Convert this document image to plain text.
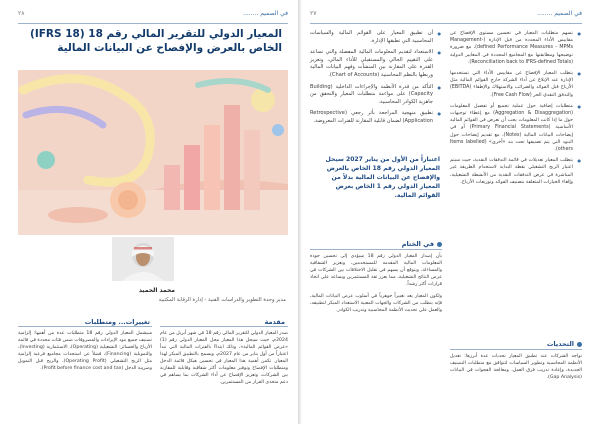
في الصميم ........
٢٨
المعيار الدولي للتقرير المالي رقم 18 (IFRS 18) الخاص بالعرض والإفصاح عن البيانات المالية
محمد الحميد
مدير وحدة التطوير والدراسات الفنية - إدارة الرقابة المكتبية
مقدمة

صدر المعيار الدولي للتقرير المالي رقم 18 في شهر أبريل من عام 2024م، حيث سيحل هذا المعيار محل المعيار الدولي رقم (1) «عرض القوائم المالية»، وذلك ابتداءً بالفترات المالية التي تبدأ اعتباراً من أول يناير من عام 2027م، ويسمح بالتطبيق المبكر لهذا المعيار. تكمن أهمية هذا المعيار في تحسين هيكل قائمة الدخل ومتطلبات الإفصاح وتوفير معلومات أكثر شفافية وقابلية للمقارنة بين الشركات، وتعزيز الإفصاح عن أداء الشركات بما يساهم في دعم متخذي القرار من المستثمرين.

تغييرات... ومتطلبات

سيشمل المعيار الدولي رقم 18 متطلبات عدة من أهمها: إلزامية تصنيف جميع بنود الإيرادات والمصروفات ضمن فئات محددة في قائمة الأرباح والخسائر: التشغيلية (Operating)، الاستثمارية (Investing)، والتمويلية (Financing)، فضلاً عن استحداث مجاميع فرعية إلزامية مثل الربح التشغيلي (Operating Profit)، والربح قبل التمويل وضريبة الدخل (Profit before finance cost and tax).

في الصميم ........
٢٧
● أن تطبيق المعيار على القوائم المالية والسياسات المحاسبية التي تطبقها الإدارة.
● الاستعداد لتقديم المعلومات المالية المفصلة والتي تساعد على التقييم الحالي والمستقبلي للأداء المالي، وتعزيز القدرة على المقارنة بين المنشآت وفهم البيانات المالية وربطها بالنظم المحاسبية (Chart of Accounts).
● التأكد من قدرة الأنظمة والإجراءات الداخلية (Building Capacity) على مواءمة متطلبات المعيار والتحقق من جاهزية الكوادر المحاسبية.
● تطبيق منهجية المراجعة بأثر رجعي (Retrospective Application) لضمان قابلية المقارنة للفترات المعروضة.
اعتباراً من الأول من يناير 2027 سيحل المعيار الدولي رقم 18 الخاص بالعرض والإفصاح عن البيانات المالية بدلاً من المعيار الدولي رقم 1 الخاص بعرض القوائم المالية.
في الختام

بأن إصدار المعيار الدولي رقم 18 سيؤدي إلى تحسين جودة المعلومات المالية المقدمة للمستخدمين، وتعزيز الشفافية والمساءلة، ويتوقع أن يسهم في تقليل الاختلافات بين الشركات في عرض النتائج التشغيلية، مما يعزز ثقة المستثمرين ويساعد على اتخاذ قرارات أكثر رشداً.

ولكون المعيار يعد تغييراً جوهرياً في أسلوب عرض البيانات المالية، فإنه يتطلب من الشركات والجهات المعنية الاستعداد المبكر لتطبيقه، والعمل على تحديث الأنظمة المحاسبية وتدريب الكوادر.

● تسهم متطلبات المعيار في تحسين مستوى الإفصاح عن مقاييس الأداء المحددة من قبل الإدارة (Management-defined Performance Measures - MPMs)، مع ضرورة توضيحها ومطابقتها مع المجاميع المحددة في المعايير الدولية (Reconciliation back to IFRS-defined Totals).
● يتطلب المعيار الإفصاح عن مقاييس الأداء التي تستخدمها الإدارة عند الإبلاغ عن أداء الشركة خارج القوائم المالية مثل الأرباح قبل الفوائد والضرائب والاستهلاك والإطفاء (EBITDA) والتدفق النقدي الحر (Free Cash Flow).
● متطلبات إضافية حول عملية تجميع أو تفصيل المعلومات (Aggregation & Disaggregation) مع إعطاء توجيهات حول ما إذا كانت المعلومات يجب أن تعرض في القوائم المالية الأساسية (Primary Financial Statements) أو في إيضاحات البيانات المالية (Notes)، مع تقديم إيضاحات حول البنود التي يتم تصنيفها تحت بند «أخرى» (Items labelled others).
● يتطلب المعيار تعديلات في قائمة التدفقات النقدية، حيث سيتم اعتبار الربح التشغيلي نقطة البداية لاستخدام الطريقة غير المباشرة في عرض التدفقات النقدية من الأنشطة التشغيلية، وإلغاء الخيارات المتعلقة بتصنيف الفوائد وتوزيعات الأرباح.
التحديات

تواجه الشركات عند تطبيق المعيار تحديات عدة أبرزها: تعديل الأنظمة المحاسبية وتطوير السياسات لتتوافق مع متطلبات التصنيف الجديدة، وإعادة تدريب فرق العمل، ومعالجة الفجوات في البيانات (Gap Analysis).
